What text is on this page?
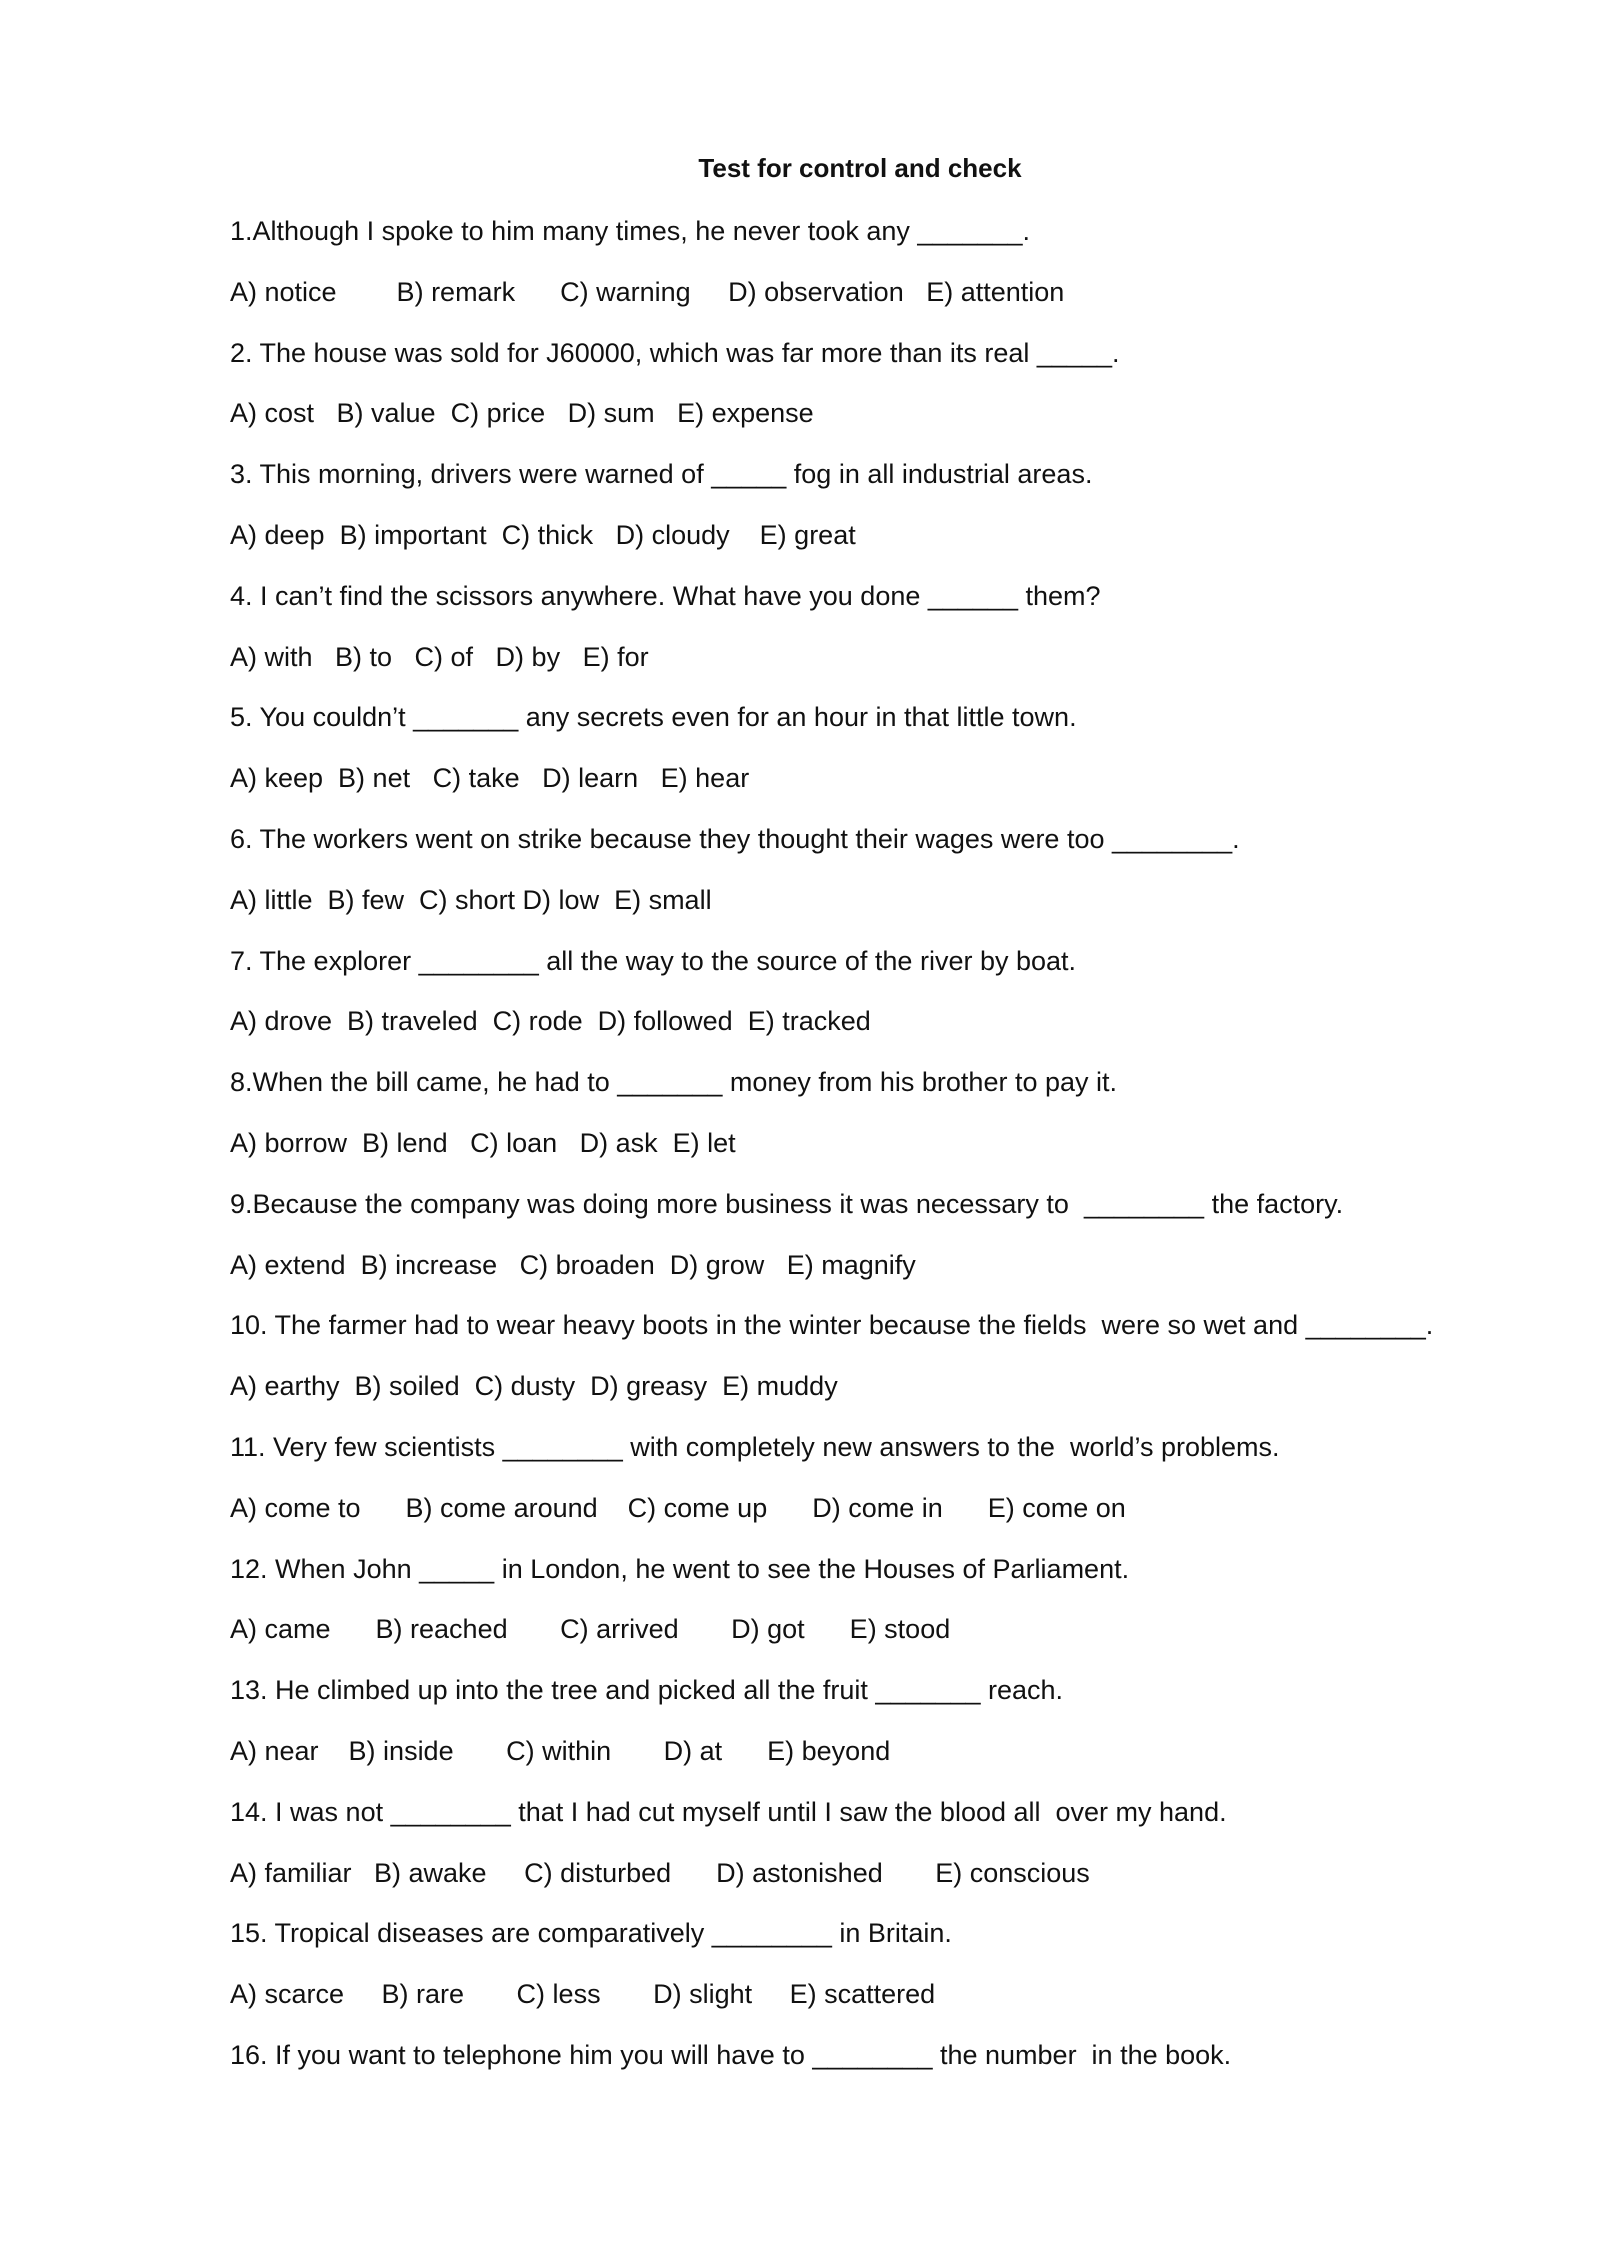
Test for control and check
1.Although I spoke to him many times, he never took any _______.
A) notice        B) remark      C) warning     D) observation   E) attention
2. The house was sold for J60000, which was far more than its real _____.
A) cost   B) value  C) price   D) sum   E) expense
3. This morning, drivers were warned of _____ fog in all industrial areas.
A) deep  B) important  C) thick   D) cloudy    E) great
4. I can’t find the scissors anywhere. What have you done ______ them?
A) with   B) to   C) of   D) by   E) for
5. You couldn’t _______ any secrets even for an hour in that little town.
A) keep  B) net   C) take   D) learn   E) hear
6. The workers went on strike because they thought their wages were too ________.
A) little  B) few  C) short D) low  E) small
7. The explorer ________ all the way to the source of the river by boat.
A) drove  B) traveled  C) rode  D) followed  E) tracked
8.When the bill came, he had to _______ money from his brother to pay it.
A) borrow  B) lend   C) loan   D) ask  E) let
9.Because the company was doing more business it was necessary to  ________ the factory.
A) extend  B) increase   C) broaden  D) grow   E) magnify
10. The farmer had to wear heavy boots in the winter because the fields  were so wet and ________.
A) earthy  B) soiled  C) dusty  D) greasy  E) muddy
11. Very few scientists ________ with completely new answers to the  world’s problems.
A) come to      B) come around    C) come up      D) come in      E) come on
12. When John _____ in London, he went to see the Houses of Parliament.
A) came      B) reached       C) arrived       D) got      E) stood
13. He climbed up into the tree and picked all the fruit _______ reach.
A) near    B) inside       C) within       D) at      E) beyond
14. I was not ________ that I had cut myself until I saw the blood all  over my hand.
A) familiar   B) awake     C) disturbed      D) astonished       E) conscious
15. Tropical diseases are comparatively ________ in Britain.
A) scarce     B) rare       C) less       D) slight     E) scattered
16. If you want to telephone him you will have to ________ the number  in the book.
